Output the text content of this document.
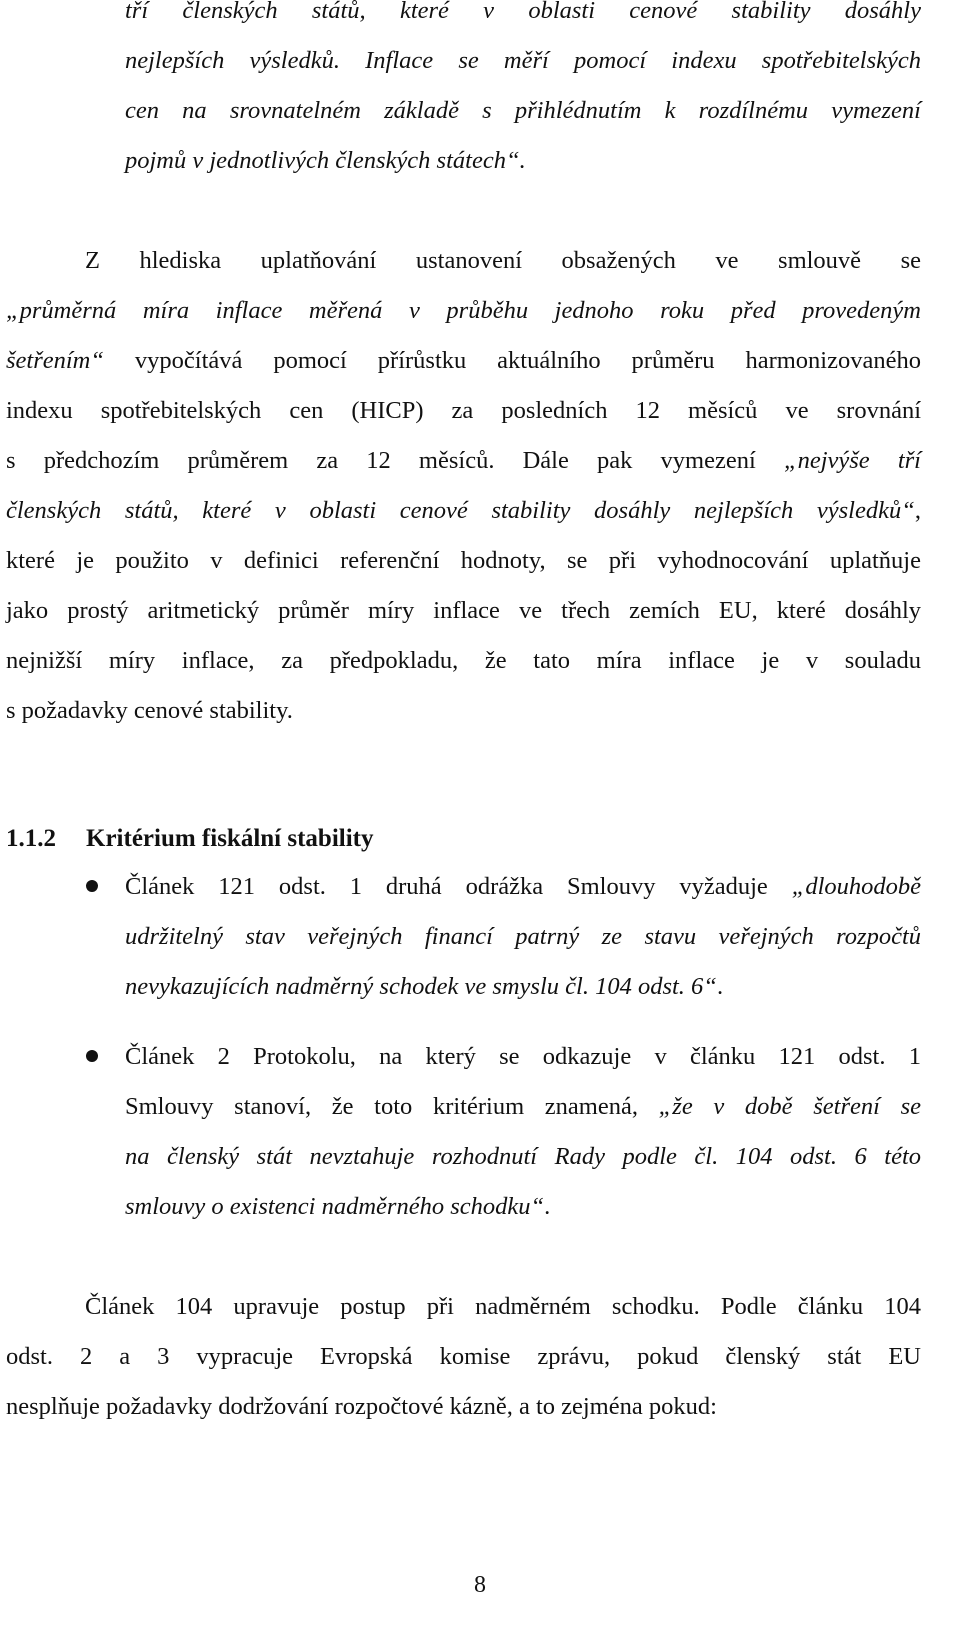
tří členských států, které v oblasti cenové stability dosáhly
nejlepších výsledků. Inflace se měří pomocí indexu spotřebitelských
cen na srovnatelném základě s přihlédnutím k rozdílnému vymezení
pojmů v jednotlivých členských státech“.
Z hlediska uplatňování ustanovení obsažených ve smlouvě se
„průměrná míra inflace měřená v průběhu jednoho roku před provedeným
šetřením“ vypočítává pomocí přírůstku aktuálního průměru harmonizovaného
indexu spotřebitelských cen (HICP) za posledních 12 měsíců ve srovnání
s předchozím průměrem za 12 měsíců. Dále pak vymezení „nejvýše tří
členských států, které v oblasti cenové stability dosáhly nejlepších výsledků“,
které je použito v definici referenční hodnoty, se při vyhodnocování uplatňuje
jako prostý aritmetický průměr míry inflace ve třech zemích EU, které dosáhly
nejnižší míry inflace, za předpokladu, že tato míra inflace je v souladu
s požadavky cenové stability.
1.1.2 Kritérium fiskální stability
Článek 121 odst. 1 druhá odrážka Smlouvy vyžaduje „dlouhodobě
udržitelný stav veřejných financí patrný ze stavu veřejných rozpočtů
nevykazujících nadměrný schodek ve smyslu čl. 104 odst. 6“.
Článek 2 Protokolu, na který se odkazuje v článku 121 odst. 1
Smlouvy stanoví, že toto kritérium znamená, „že v době šetření se
na členský stát nevztahuje rozhodnutí Rady podle čl. 104 odst. 6 této
smlouvy o existenci nadměrného schodku“.
Článek 104 upravuje postup při nadměrném schodku. Podle článku 104
odst. 2 a 3 vypracuje Evropská komise zprávu, pokud členský stát EU
nesplňuje požadavky dodržování rozpočtové kázně, a to zejména pokud:
8
